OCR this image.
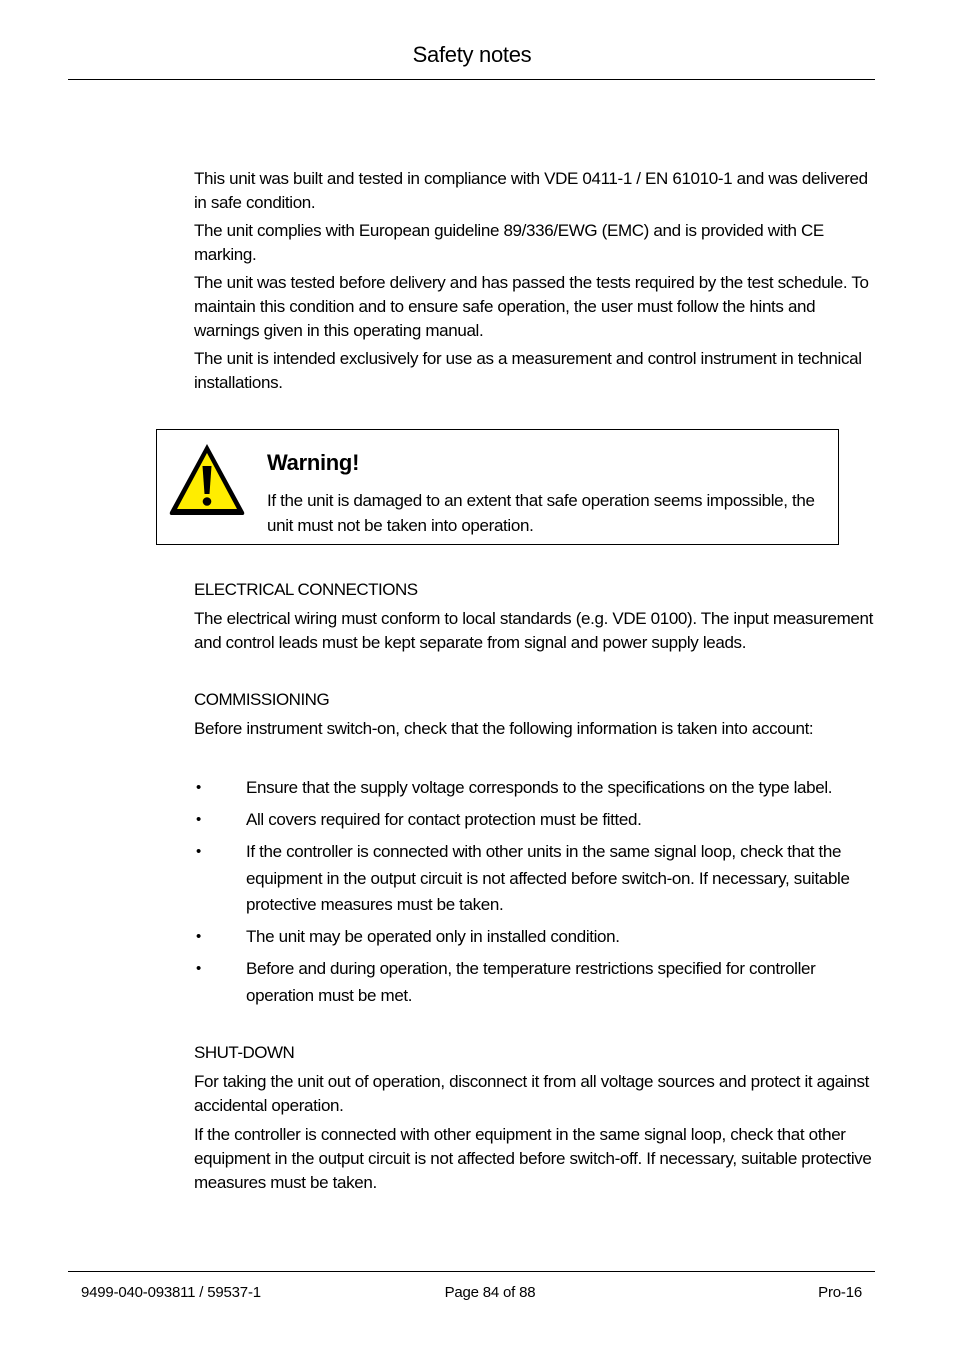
Safety notes

This unit was built and tested in compliance with VDE 0411-1 / EN 61010-1 and was delivered in safe condition.

The unit complies with European guideline 89/336/EWG (EMC) and is provided with CE marking.

The unit was tested before delivery and has passed the tests required by the test schedule. To maintain this condition and to ensure safe operation, the user must follow the hints and warnings given in this operating manual.

The unit is intended exclusively for use as a measurement and control instrument in technical installations.

Warning!
If the unit is damaged to an extent that safe operation seems impossible, the unit must not be taken into operation.
ELECTRICAL CONNECTIONS

The electrical wiring must conform to local standards (e.g. VDE 0100). The input measurement and control leads must be kept separate from signal and power supply leads.

COMMISSIONING

Before instrument switch-on, check that the following information is taken into account:

•	Ensure that the supply voltage corresponds to the specifications on the type label.
•	All covers required for contact protection must be fitted.
•	If the controller is connected with other units in the same signal loop, check that the equipment in the output circuit is not affected before switch-on. If necessary, suitable protective measures must be taken.
•	The unit may be operated only in installed condition.
•	Before and during operation, the temperature restrictions specified for controller operation must be met.
SHUT-DOWN

For taking the unit out of operation, disconnect it from all voltage sources and protect it against accidental operation.

If the controller is connected with other equipment in the same signal loop, check that other equipment in the output circuit is not affected before switch-off. If necessary, suitable protective measures must be taken.

9499-040-093811 / 59537-1	Page 84 of 88	Pro-16
